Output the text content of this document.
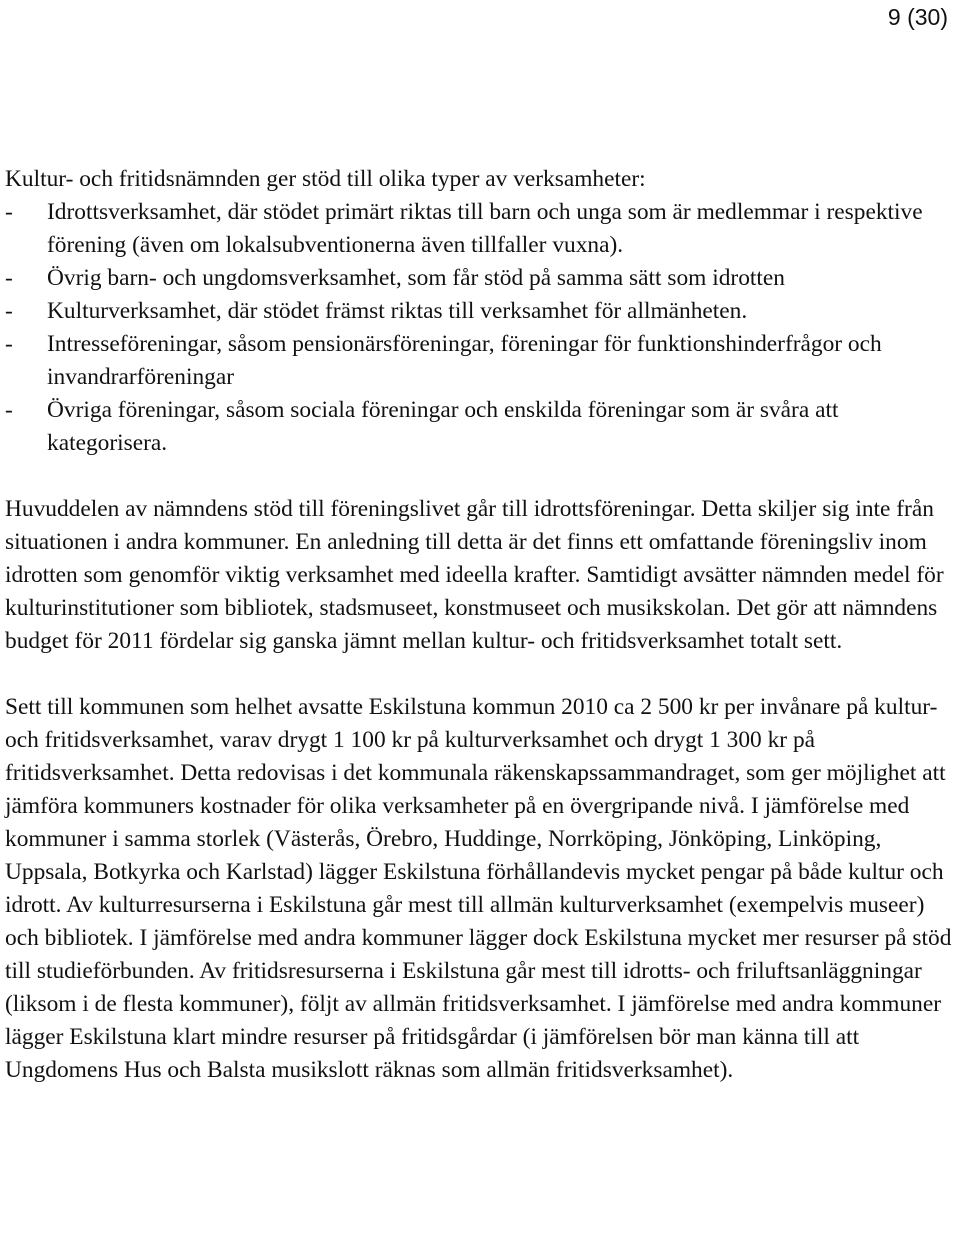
9 (30)

Kultur- och fritidsnämnden ger stöd till olika typer av verksamheter:

-	Idrottsverksamhet, där stödet primärt riktas till barn och unga som är medlemmar i respektive förening (även om lokalsubventionerna även tillfaller vuxna).
-	Övrig barn- och ungdomsverksamhet, som får stöd på samma sätt som idrotten
-	Kulturverksamhet, där stödet främst riktas till verksamhet för allmänheten.
-	Intresseföreningar, såsom pensionärsföreningar, föreningar för funktionshinderfrågor och invandrarföreningar
-	Övriga föreningar, såsom sociala föreningar och enskilda föreningar som är svåra att kategorisera.

Huvuddelen av nämndens stöd till föreningslivet går till idrottsföreningar. Detta skiljer sig inte från situationen i andra kommuner. En anledning till detta är det finns ett omfattande föreningsliv inom idrotten som genomför viktig verksamhet med ideella krafter. Samtidigt avsätter nämnden medel för kulturinstitutioner som bibliotek, stadsmuseet, konstmuseet och musikskolan. Det gör att nämndens budget för 2011 fördelar sig ganska jämnt mellan kultur- och fritidsverksamhet totalt sett.

Sett till kommunen som helhet avsatte Eskilstuna kommun 2010 ca 2 500 kr per invånare på kultur- och fritidsverksamhet, varav drygt 1 100 kr på kulturverksamhet och drygt 1 300 kr på fritidsverksamhet. Detta redovisas i det kommunala räkenskapssammandraget, som ger möjlighet att jämföra kommuners kostnader för olika verksamheter på en övergripande nivå. I jämförelse med kommuner i samma storlek (Västerås, Örebro, Huddinge, Norrköping, Jönköping, Linköping, Uppsala, Botkyrka och Karlstad) lägger Eskilstuna förhållandevis mycket pengar på både kultur och idrott. Av kulturresurserna i Eskilstuna går mest till allmän kulturverksamhet (exempelvis museer) och bibliotek. I jämförelse med andra kommuner lägger dock Eskilstuna mycket mer resurser på stöd till studieförbunden. Av fritidsresurserna i Eskilstuna går mest till idrotts- och friluftsanläggningar (liksom i de flesta kommuner), följt av allmän fritidsverksamhet. I jämförelse med andra kommuner lägger Eskilstuna klart mindre resurser på fritidsgårdar (i jämförelsen bör man känna till att Ungdomens Hus och Balsta musikslott räknas som allmän fritidsverksamhet).
